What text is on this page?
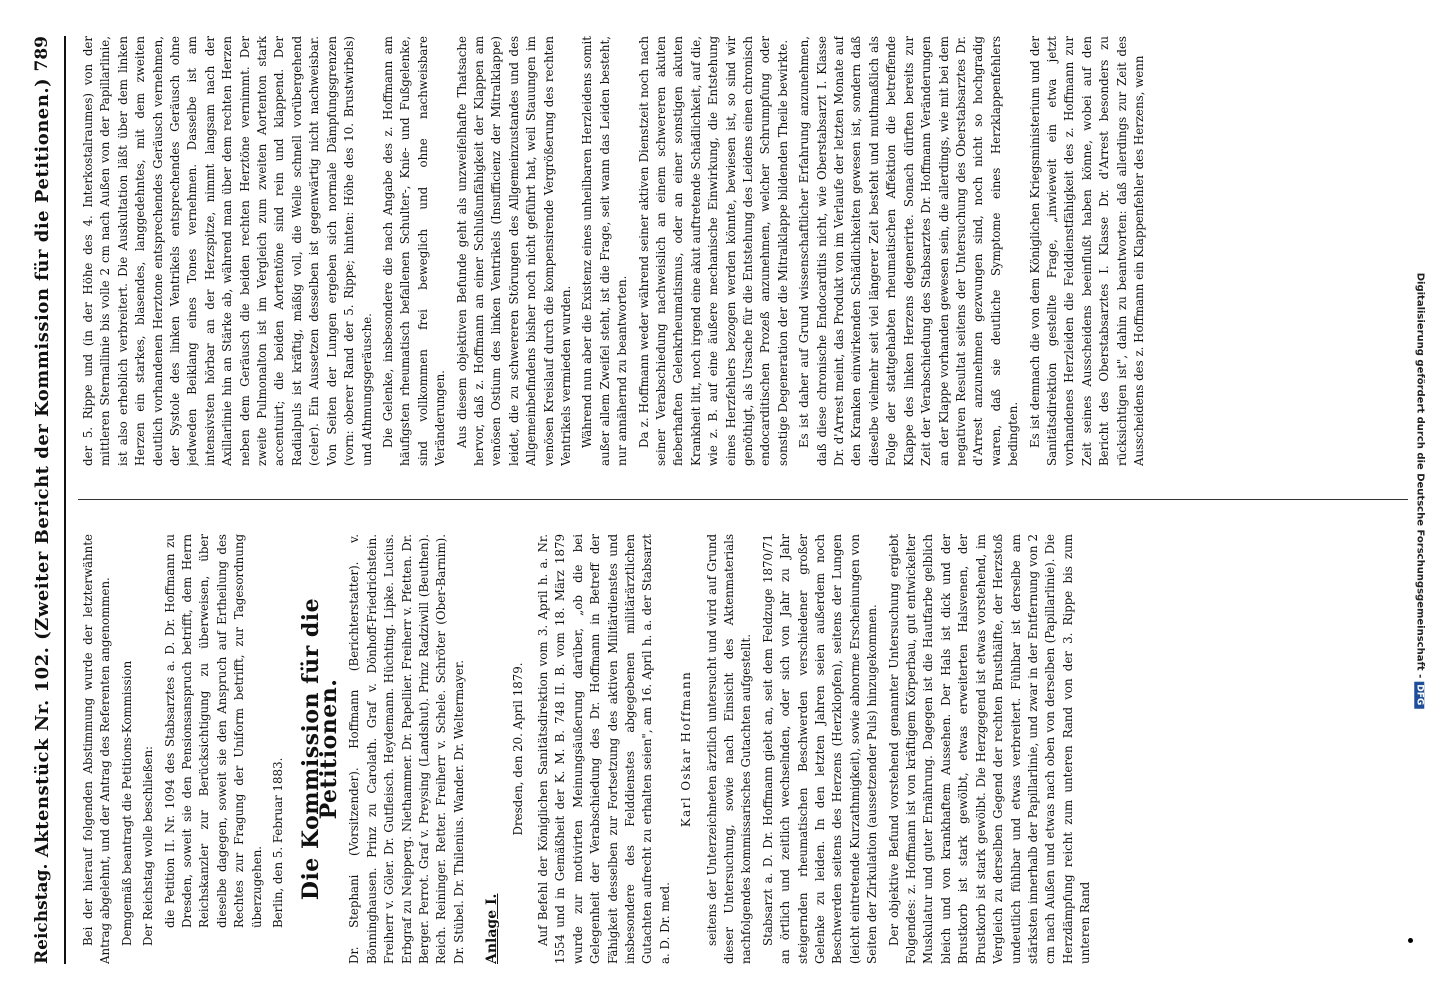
Reichstag.
Aktenstück Nr. 102. (Zweiter Bericht der Kommission für die Petitionen.)
789

Bei der hierauf folgenden Abstimmung wurde der letzterwähnte Antrag abgelehnt, und der Antrag des Referenten angenommen. Demgemäß beantragt die Petitions-Kommission Der Reichstag wolle beschließen: die Petition II. Nr. 1094 des Stabsarztes a. D. Dr. Hoffmann zu Dresden, soweit sie den Pensionsanspruch betrifft, dem Herrn Reichskanzler zur Berücksichtigung zu überweisen, über dieselbe dagegen, soweit sie den Anspruch auf Ertheilung des Rechtes zur Fragung der Uniform betrifft, zur Tagesordnung überzugehen. Berlin, den 5. Februar 1883. Die Kommission für die Petitionen. Dr. Stephani (Vorsitzender). Hoffmann (Berichterstatter). v. Bönninghausen. Prinz zu Carolath. Graf v. Dönhoff-Friedrichstein. Freiherr v. Göler. Dr. Gutfleisch. Heydemann. Hüchting. Lipke. Lucius. Erbgraf zu Neipperg. Niethammer. Dr. Papellier. Freiherr v. Pfetten. Dr. Berger. Perrot. Graf v. Preysing (Landshut). Prinz Radziwill (Beuthen). Reich. Reininger. Retter. Freiherr v. Schele. Schröter (Ober-Barnim). Dr. Stübel. Dr. Thilenius. Wander. Dr. Weltermayer. Anlage I.

Dresden, den 20. April 1879. Auf Befehl der Königlichen Sanitätsdirektion vom 3. April h. a. Nr. 1554 und in Gemäßheit der K. M. B. 748 II. B. vom 18. März 1879 wurde zur motivirten Meinungsäußerung darüber, „ob die bei Gelegenheit der Verabschiedung des Dr. Hoffmann in Betreff der Fähigkeit desselben zur Fortsetzung des aktiven Militärdienstes und insbesondere des Felddienstes abgegebenen militärärztlichen Gutachten aufrecht zu erhalten seien", am 16. April h. a. der Stabsarzt a. D. Dr. med.

Karl Oskar Hoffmann seitens der Unterzeichneten ärztlich untersucht und wird auf Grund dieser Untersuchung, sowie nach Einsicht des Aktenmaterials nachfolgendes kommissarisches Gutachten aufgestellt. Stabsarzt a. D. Dr. Hoffmann giebt an, seit dem Feldzuge 1870/71 an örtlich und zeitlich wechselnden, oder sich von Jahr zu Jahr steigernden rheumatischen Beschwerden verschiedener großer Gelenke zu leiden. In den letzten Jahren seien außerdem noch Beschwerden seitens des Herzens (Herzklopfen), seitens der Lungen (leicht eintretende Kurzathmigkeit), sowie abnorme Erscheinungen von Seiten der Zirkulation (aussetzender Puls) hinzugekommen. Der objektive Befund vorstehend genannter Untersuchung ergiebt Folgendes: z. Hoffmann ist von kräftigem Körperbau, gut entwickelter Muskulatur und guter Ernährung. Dagegen ist die Hautfarbe gelblich bleich und von krankhaftem Aussehen. Der Hals ist dick und der Brustkorb ist stark gewölbt, etwas erweiterten Halsvenen, der Brustkorb ist stark gewölbt. Die Herzgegend ist etwas vorstehend, im Vergleich zu derselben Gegend der rechten Brusthälfte, der Herzstoß undeutlich fühlbar und etwas verbreitert. Fühlbar ist derselbe am stärksten innerhalb der Papillarlinie, und zwar in der Entfernung von 2 cm nach Außen und etwas nach oben von derselben (Papillarlinie). Die Herzdämpfung reicht zum unteren Rand von der 3. Rippe bis zum unteren Rand

der 5. Rippe und (in der Höhe des 4. Interkostalraumes) von der mittleren Sternallinie bis volle 2 cm nach Außen von der Papillarlinie, ist also erheblich verbreitert. Die Auskultation läßt über dem linken Herzen ein starkes, blasendes, langgedehntes, mit dem zweiten deutlich vorhandenen Herztone entsprechendes Geräusch vernehmen, der Systole des linken Ventrikels entsprechendes Geräusch ohne jedweden Beiklang eines Tones vernehmen. Dasselbe ist am intensivsten hörbar an der Herzspitze, nimmt langsam nach der Axillarlinie hin an Stärke ab, während man über dem rechten Herzen neben dem Geräusch die beiden rechten Herztöne vernimmt. Der zweite Pulmonalton ist im Vergleich zum zweiten Aortenton stark accentuirt; die beiden Aortentöne sind rein und klappend. Der Radialpuls ist kräftig, mäßig voll, die Welle schnell vorübergehend (celer). Ein Aussetzen desselben ist gegenwärtig nicht nachweisbar. Von Seiten der Lungen ergeben sich normale Dämpfungsgrenzen (vorn: oberer Rand der 5. Rippe; hinten: Höhe des 10. Brustwirbels) und Athmungsgeräusche. Die Gelenke, insbesondere die nach Angabe des z. Hoffmann am häufigsten rheumatisch befallenen Schulter-, Knie- und Fußgelenke, sind vollkommen frei beweglich und ohne nachweisbare Veränderungen. Aus diesem objektiven Befunde geht als unzweifelhafte Thatsache hervor, daß z. Hoffmann an einer Schlußunfähigkeit der Klappen am venösen Ostium des linken Ventrikels (Insufficienz der Mitralklappe) leidet, die zu schwereren Störungen des Allgemeinzustandes und des Allgemeinbefindens bisher noch nicht geführt hat, weil Stauungen im venösen Kreislauf durch die kompensirende Vergrößerung des rechten Ventrikels vermieden wurden. Während nun aber die Existenz eines unheilbaren Herzleidens somit außer allem Zweifel steht, ist die Frage, seit wann das Leiden besteht, nur annähernd zu beantworten. Da z. Hoffmann weder während seiner aktiven Dienstzeit noch nach seiner Verabschiedung nachweislich an einem schwereren akuten fieberhaften Gelenkrheumatismus, oder an einer sonstigen akuten Krankheit litt, noch irgend eine akut auftretende Schädlichkeit, auf die, wie z. B. auf eine äußere mechanische Einwirkung, die Entstehung eines Herzfehlers bezogen werden könnte, bewiesen ist, so sind wir genöthigt, als Ursache für die Entstehung des Leidens einen chronisch endocarditischen Prozeß anzunehmen, welcher Schrumpfung oder sonstige Degeneration der die Mitralklappe bildenden Theile bewirkte. Es ist daher auf Grund wissenschaftlicher Erfahrung anzunehmen, daß diese chronische Endocarditis nicht, wie Oberstabsarzt I. Klasse Dr. d'Arrest meint, das Produkt von im Verlaufe der letzten Monate auf den Kranken einwirkenden Schädlichkeiten gewesen ist, sondern daß dieselbe vielmehr seit viel längerer Zeit besteht und muthmaßlich als Folge der stattgehabten rheumatischen Affektion die betreffende Klappe des linken Herzens degenerirte. Sonach dürften bereits zur Zeit der Verabschiedung des Stabsarztes Dr. Hoffmann Veränderungen an der Klappe vorhanden gewesen sein, die allerdings, wie mit bei dem negativen Resultat seitens der Untersuchung des Oberstabsarztes Dr. d'Arrest anzunehmen gezwungen sind, noch nicht so hochgradig waren, daß sie deutliche Symptome eines Herzklappenfehlers bedingten. Es ist demnach die von dem Königlichen Kriegsministerium und der Sanitätsdirektion gestellte Frage, „inwieweit ein etwa jetzt vorhandenes Herzleiden die Felddienstfähigkeit des z. Hoffmann zur Zeit seines Ausscheidens beeinflußt haben könne, wobei auf den Bericht des Oberstabsarztes I. Klasse Dr. d'Arrest besonders zu rücksichtigen ist", dahin zu beantworten: daß allerdings zur Zeit des Ausscheidens des z. Hoffmann ein Klappenfehler des Herzens, wenn

Digitalisierung gefördert durch die Deutsche Forschungsgemeinschaft -DFG
